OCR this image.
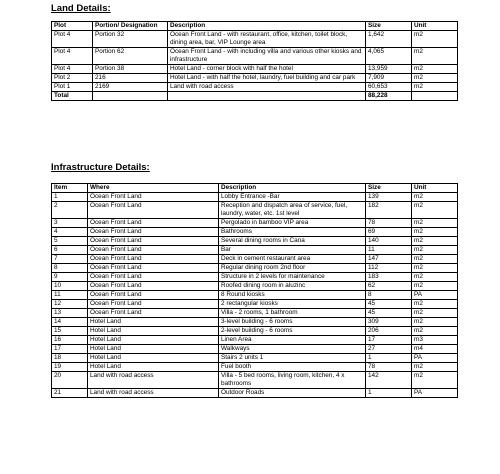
Land Details:
Plot	Portion/ Designation	Description	Size	Unit
Plot 4	Portion 32	Ocean Front Land - with restaurant, office, kitchen, toilet block, dining area, bar, VIP Lounge area	1,642	m2
Plot 4	Portion 62	Ocean Front Land - with including villa and various other kiosks and infrastructure	4,065	m2
Plot 4	Portion 38	Hotel Land - corner block with half the hotel	13,959	m2
Plot 2	216	Hotel Land - with half the hotel, laundry, fuel building and car park	7,909	m2
Plot 1	2169	Land with road access	60,653	m2
Total			88,228	
Infrastructure Details:
Item	Where	Description	Size	Unit
1	Ocean Front Land	Lobby Entrance -Bar	139	m2
2	Ocean Front Land	Reception and dispatch area of service, fuel, laundry, water, etc. 1st level	182	m2
3	Ocean Front Land	Pergolado in bamboo VIP area	78	m2
4	Ocean Front Land	Bathrooms	69	m2
5	Ocean Front Land	Several dining rooms in Cana	140	m2
6	Ocean Front Land	Bar	11	m2
7	Ocean Front Land	Deck in cement restaurant area	147	m2
8	Ocean Front Land	Regular dining room 2nd floor	112	m2
9	Ocean Front Land	Structure in 2 levels for maintenance	183	m2
10	Ocean Front Land	Roofed dining room in aluzinc	62	m2
11	Ocean Front Land	8 Round kiosks	8	PA
12	Ocean Front Land	2 rectangular kiosks	45	m2
13	Ocean Front Land	Villa - 2 rooms, 1 bathroom	45	m2
14	Hotel Land	3-level building - 6 rooms	309	m2
15	Hotel Land	2-level building - 6 rooms	206	m2
16	Hotel Land	Linen Area	17	m3
17	Hotel Land	Walkways	27	m4
18	Hotel Land	Stairs 2 units 1	1	PA
19	Hotel Land	Fuel booth	78	m2
20	Land with road access	Villa - 5 bed rooms, living room, kitchen, 4 x bathrooms	142	m2
21	Land with road access	Outdoor Roads	1	PA
